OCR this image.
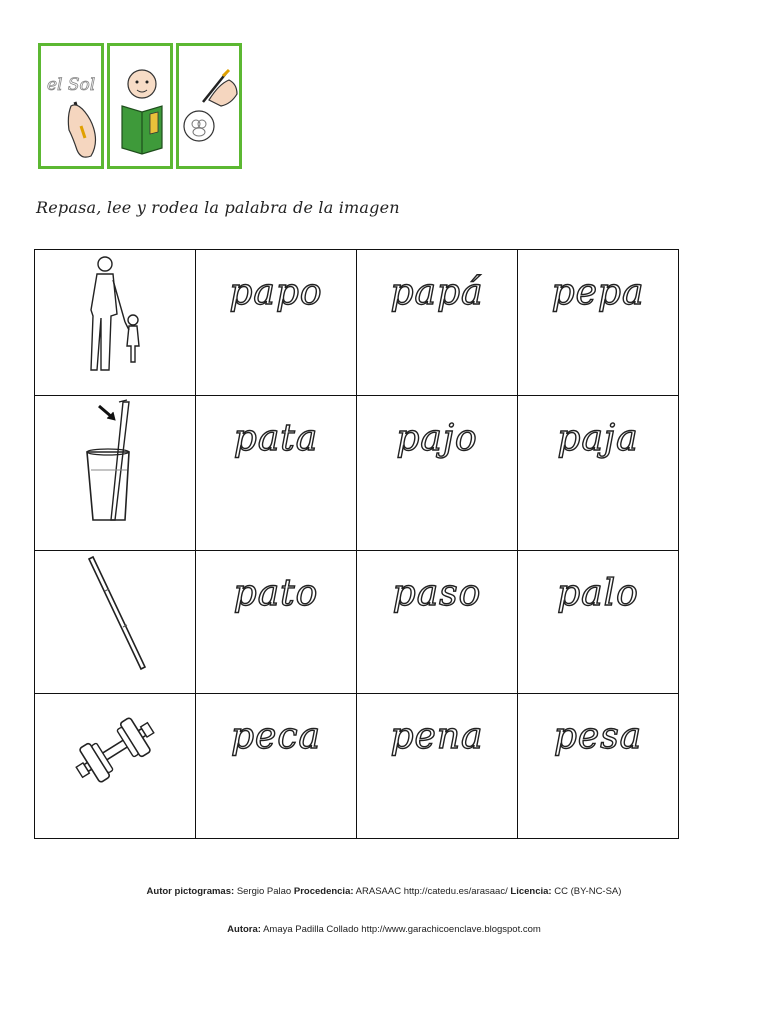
el Sol
Repasa, lee y rodea la palabra de la imagen

papo	papá	pepa

pata	pajo	paja

pato	paso	palo

peca	pena	pesa
Autor pictogramas: Sergio Palao Procedencia: ARASAAC http://catedu.es/arasaac/ Licencia: CC (BY-NC-SA)
Autora: Amaya Padilla Collado http://www.garachicoenclave.blogspot.com
